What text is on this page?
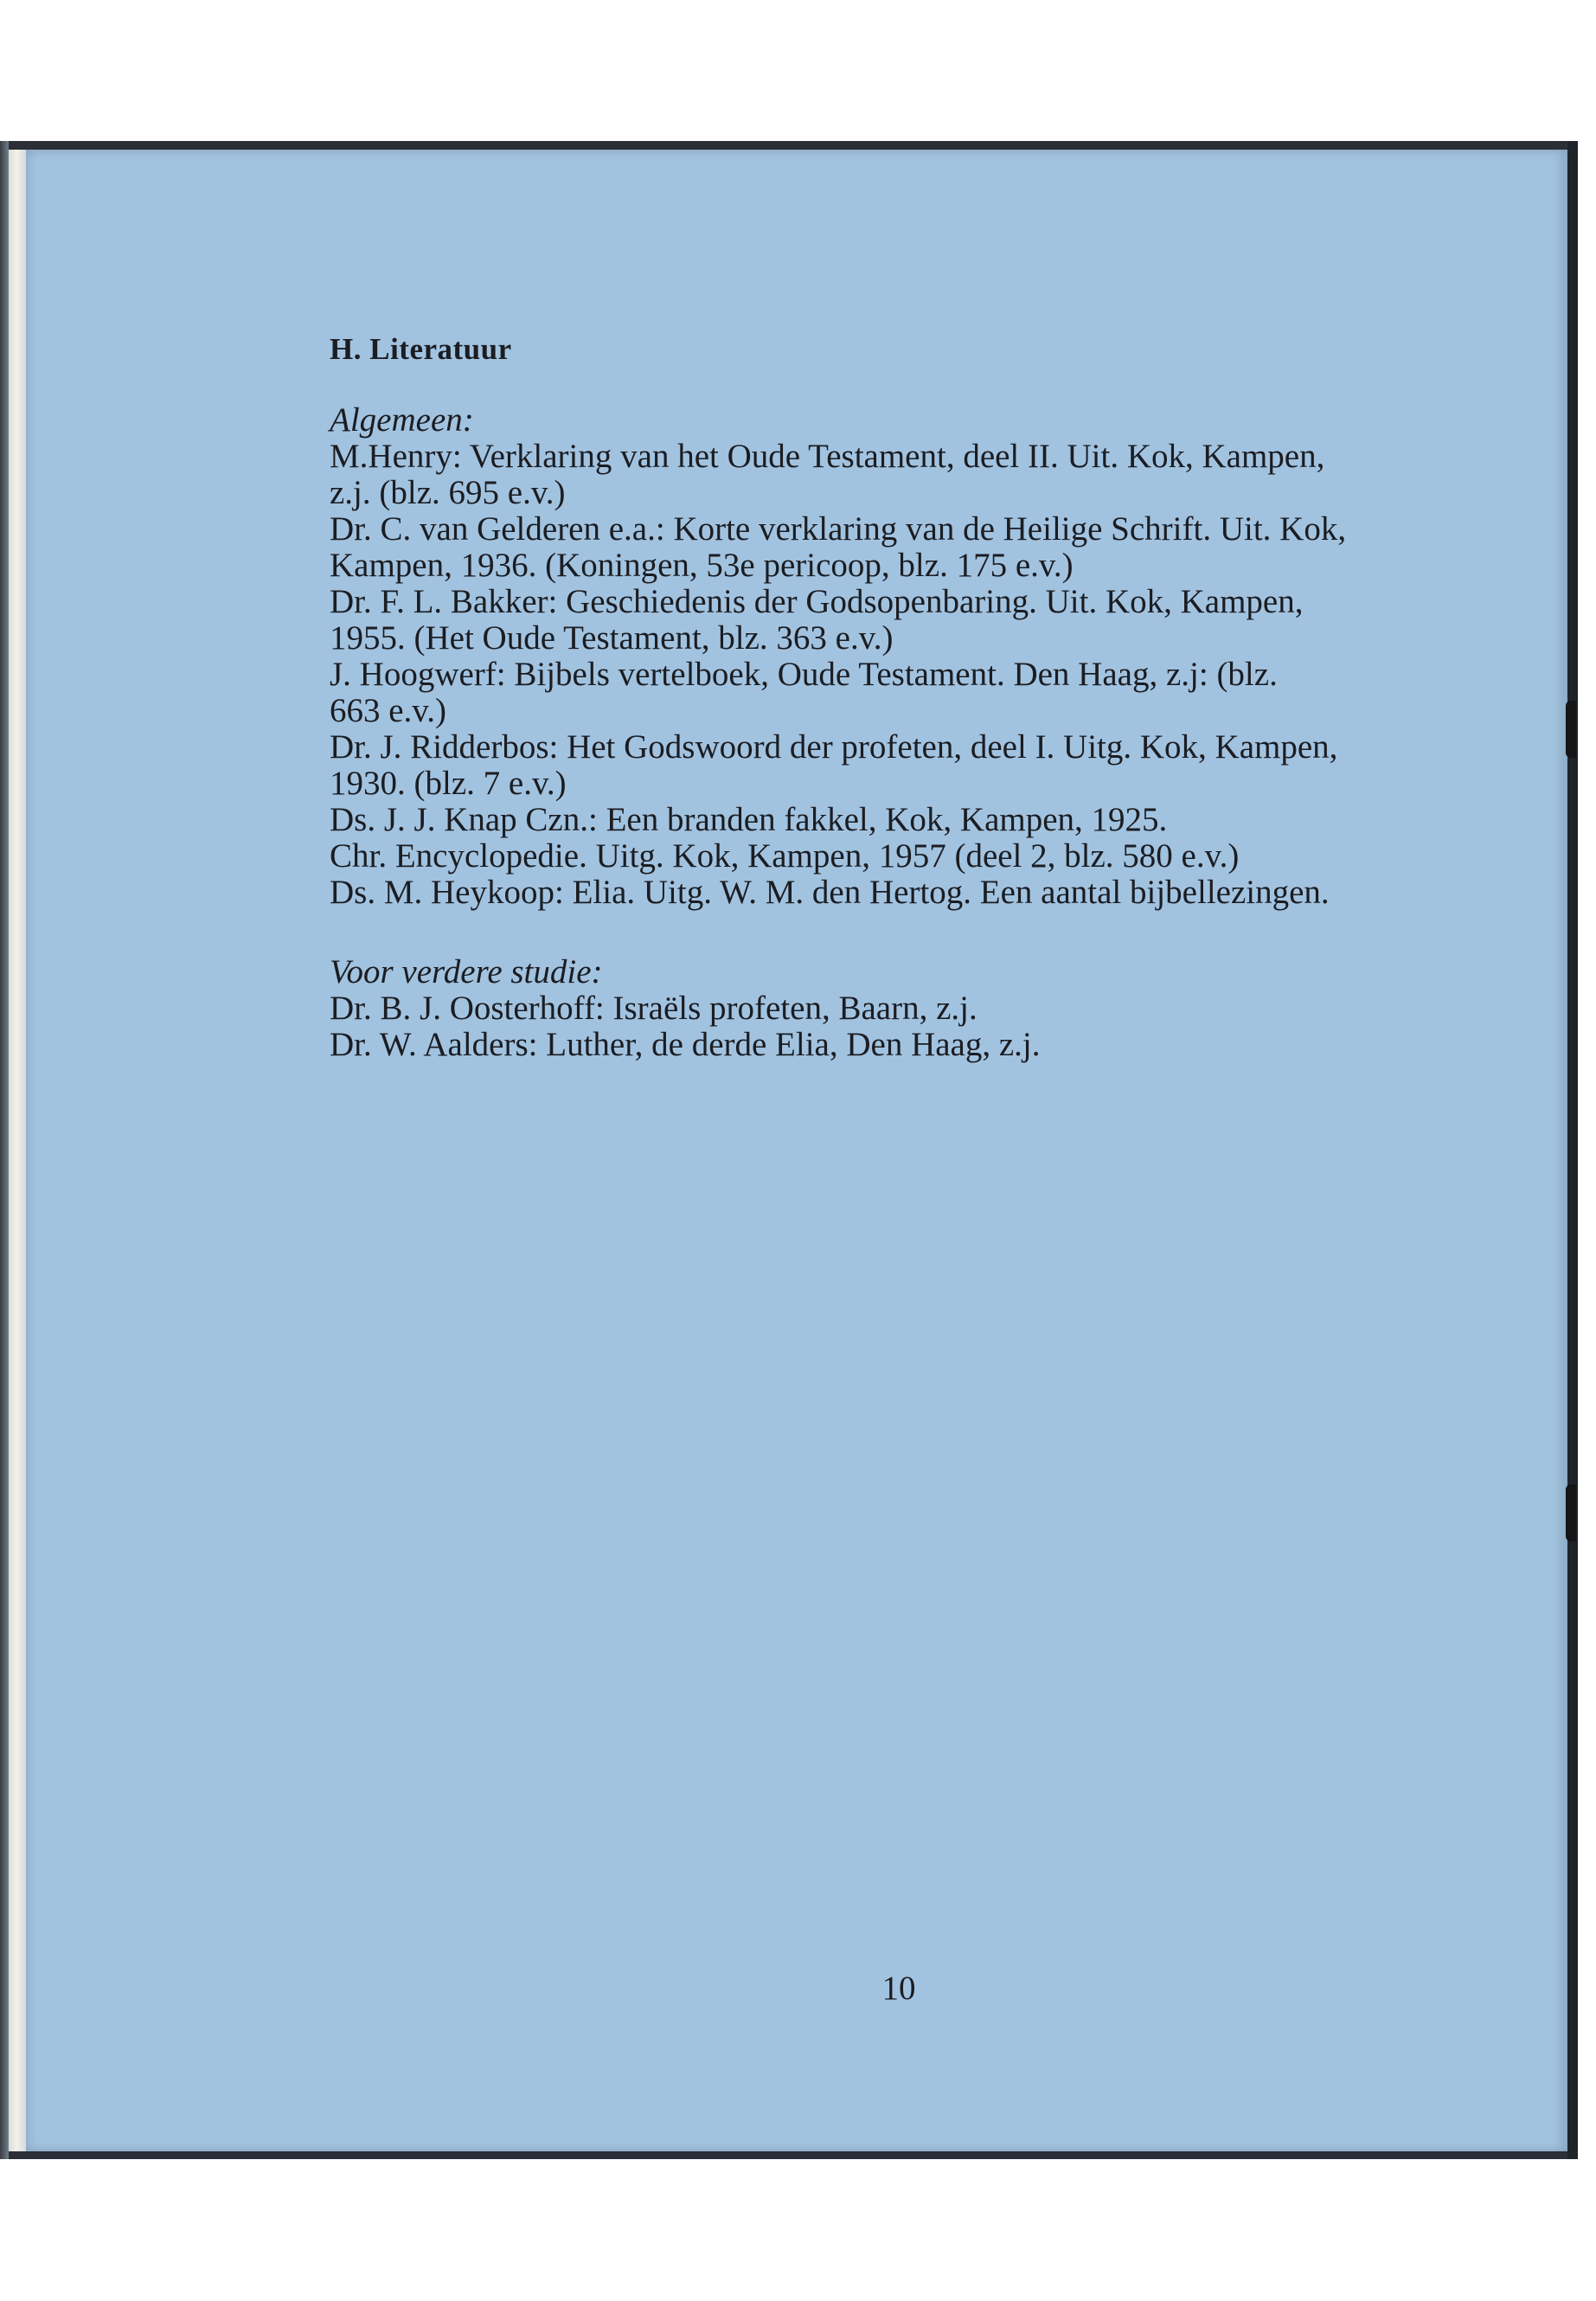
H. Literatuur
Algemeen:
M.Henry: Verklaring van het Oude Testament, deel II. Uit. Kok, Kampen,
z.j. (blz. 695 e.v.)
Dr. C. van Gelderen e.a.: Korte verklaring van de Heilige Schrift. Uit. Kok,
Kampen, 1936. (Koningen, 53e pericoop, blz. 175 e.v.)
Dr. F. L. Bakker: Geschiedenis der Godsopenbaring. Uit. Kok, Kampen,
1955. (Het Oude Testament, blz. 363 e.v.)
J. Hoogwerf: Bijbels vertelboek, Oude Testament. Den Haag, z.j: (blz.
663 e.v.)
Dr. J. Ridderbos: Het Godswoord der profeten, deel I. Uitg. Kok, Kampen,
1930. (blz. 7 e.v.)
Ds. J. J. Knap Czn.: Een branden fakkel, Kok, Kampen, 1925.
Chr. Encyclopedie. Uitg. Kok, Kampen, 1957 (deel 2, blz. 580 e.v.)
Ds. M. Heykoop: Elia. Uitg. W. M. den Hertog. Een aantal bijbellezingen.
Voor verdere studie:
Dr. B. J. Oosterhoff: Israëls profeten, Baarn, z.j.
Dr. W. Aalders: Luther, de derde Elia, Den Haag, z.j.
10
